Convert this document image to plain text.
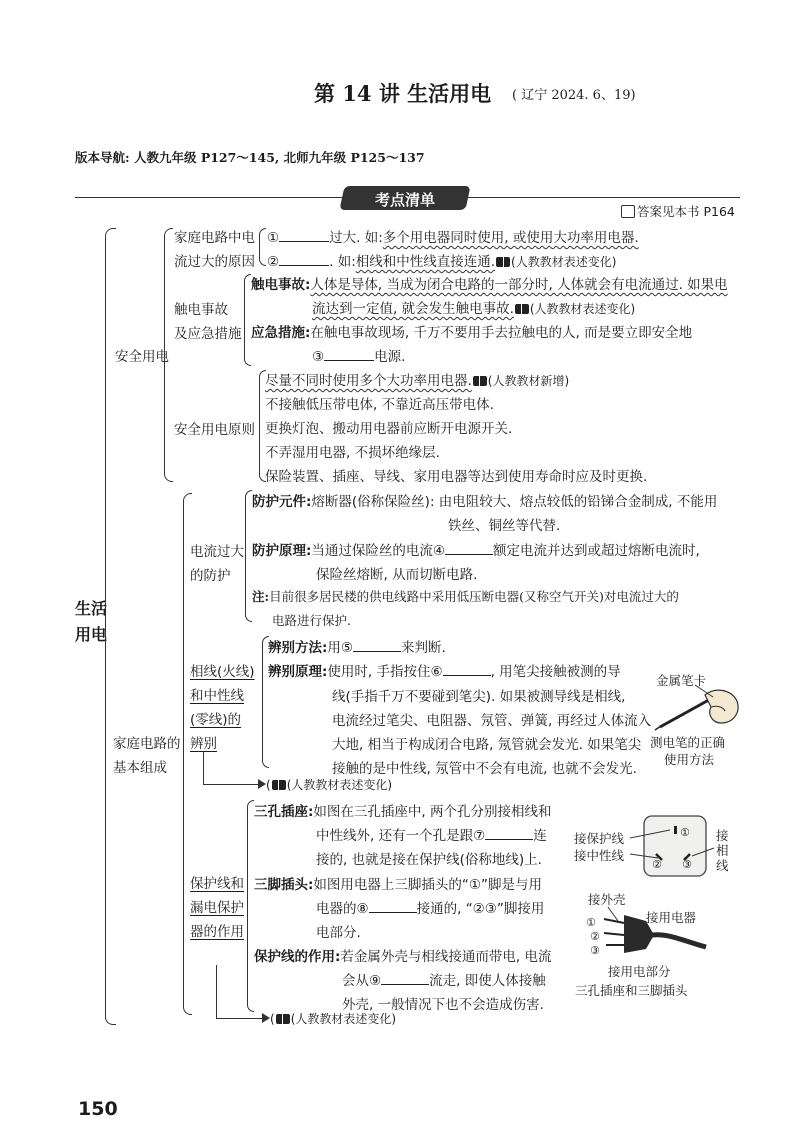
第 14 讲 生活用电 ( 辽宁 2024. 6、19)
版本导航: 人教九年级 P127～145, 北师九年级 P125～137
考点清单
答案见本书 P164
生活
用电
安全用电
家庭电路中电
流过大的原因
①	过大. 如:多个用电器同时使用, 或使用大功率用电器.
②	. 如:相线和中性线直接连通. (人教教材表述变化)
触电事故
及应急措施
触电事故:人体是导体, 当成为闭合电路的一部分时, 人体就会有电流通过. 如果电
流达到一定值, 就会发生触电事故. (人教教材表述变化)
应急措施:在触电事故现场, 千万不要用手去拉触电的人, 而是要立即安全地
③	电源.
安全用电原则
尽量不同时使用多个大功率用电器. (人教教材新增)
不接触低压带电体, 不靠近高压带电体.
更换灯泡、搬动用电器前应断开电源开关.
不弄湿用电器, 不损坏绝缘层.
保险装置、插座、导线、家用电器等达到使用寿命时应及时更换.
家庭电路的
基本组成
电流过大
的防护
防护元件:熔断器(俗称保险丝): 由电阻较大、熔点较低的铅锑合金制成, 不能用
铁丝、铜丝等代替.
防护原理:当通过保险丝的电流④	额定电流并达到或超过熔断电流时,
保险丝熔断, 从而切断电路.
注:目前很多居民楼的供电线路中采用低压断电器(又称空气开关)对电流过大的
电路进行保护.
相线(火线)
和中性线
(零线)的
辨别
辨别方法:用⑤	来判断.
辨别原理:使用时, 手指按住⑥	, 用笔尖接触被测的导
线(手指千万不要碰到笔尖). 如果被测导线是相线,
电流经过笔尖、电阻器、氖管、弹簧, 再经过人体流入
大地, 相当于构成闭合电路, 氖管就会发光. 如果笔尖
接触的是中性线, 氖管中不会有电流, 也就不会发光.
( (人教教材表述变化)
金属笔卡
测电笔的正确
使用方法
保护线和
漏电保护
器的作用
三孔插座:如图在三孔插座中, 两个孔分别接相线和
中性线外, 还有一个孔是跟⑦	连
接的, 也就是接在保护线(俗称地线)上.
三脚插头:如图用电器上三脚插头的“①”脚是与用
电器的⑧	接通的, “②③”脚接用
电部分.
保护线的作用:若金属外壳与相线接通而带电, 电流
会从⑨	流走, 即使人体接触
外壳, 一般情况下也不会造成伤害.
( (人教教材表述变化)
接保护线
接中性线
①
② ③
接
相
线
接外壳
接用电器
①
②
③
接用电部分
三孔插座和三脚插头
150
